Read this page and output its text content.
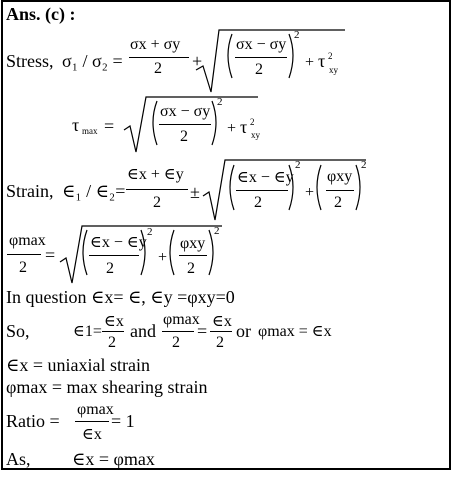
Ans. (c) :
Stress, σ₁ / σ₂ =
σx + σy
2 +
σx − σy
2
2
+ τ 2
xy
τ max =
σx − σy
2
2
+ τ 2
xy
Strain, ∈₁ / ∈₂=
∈x + ∈y
2
±
∈x − ∈y
2
2
+
φxy
2
2
φmax
2
=
∈x − ∈y
2
2
+
φxy
2
2
In question ∈x= ∈, ∈y =φxy=0
So,	∈1=
∈x
2
and
φmax
2
= ∈x
2
or φmax = ∈x
∈x = uniaxial strain
φmax = max shearing strain
Ratio =
φmax
∈x
= 1
As, ∈x = φmax
